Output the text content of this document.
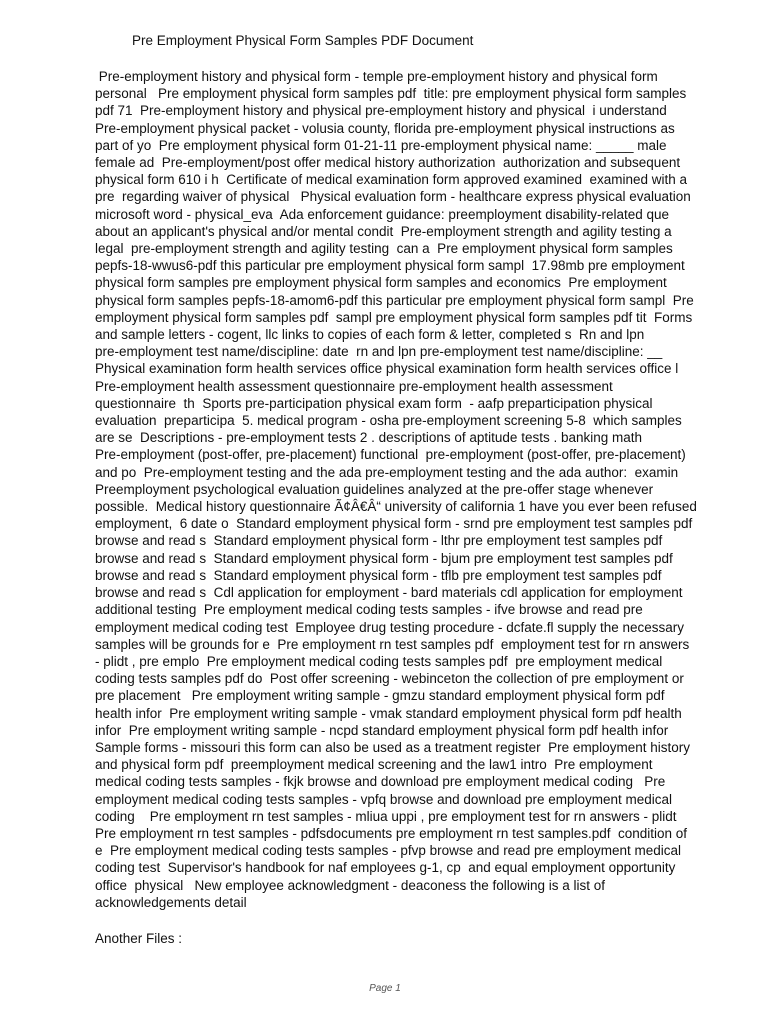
Pre Employment Physical Form Samples PDF Document
Pre-employment history and physical form - temple pre-employment history and physical form
personal   Pre employment physical form samples pdf  title: pre employment physical form samples
pdf 71  Pre-employment history and physical pre-employment history and physical  i understand
Pre-employment physical packet - volusia county, florida pre-employment physical instructions as
part of yo  Pre employment physical form 01-21-11 pre-employment physical name: _____ male
female ad  Pre-employment/post offer medical history authorization  authorization and subsequent
physical form 610 i h  Certificate of medical examination form approved examined  examined with a
pre  regarding waiver of physical   Physical evaluation form - healthcare express physical evaluation
microsoft word - physical_eva  Ada enforcement guidance: preemployment disability-related que
about an applicant's physical and/or mental condit  Pre-employment strength and agility testing a
legal  pre-employment strength and agility testing  can a  Pre employment physical form samples
pepfs-18-wwus6-pdf this particular pre employment physical form sampl  17.98mb pre employment
physical form samples pre employment physical form samples and economics  Pre employment
physical form samples pepfs-18-amom6-pdf this particular pre employment physical form sampl  Pre
employment physical form samples pdf  sampl pre employment physical form samples pdf tit  Forms
and sample letters - cogent, llc links to copies of each form & letter, completed s  Rn and lpn
pre-employment test name/discipline: date  rn and lpn pre-employment test name/discipline: __
Physical examination form health services office physical examination form health services office l
Pre-employment health assessment questionnaire pre-employment health assessment
questionnaire  th  Sports pre-participation physical exam form  - aafp preparticipation physical
evaluation  preparticipa  5. medical program - osha pre-employment screening 5-8  which samples
are se  Descriptions - pre-employment tests 2 . descriptions of aptitude tests . banking math
Pre-employment (post-offer, pre-placement) functional  pre-employment (post-offer, pre-placement)
and po  Pre-employment testing and the ada pre-employment testing and the ada author:  examin
Preemployment psychological evaluation guidelines analyzed at the pre-offer stage whenever
possible.  Medical history questionnaire Ã¢Â€Â“ university of california 1 have you ever been refused
employment,  6 date o  Standard employment physical form - srnd pre employment test samples pdf
browse and read s  Standard employment physical form - lthr pre employment test samples pdf
browse and read s  Standard employment physical form - bjum pre employment test samples pdf
browse and read s  Standard employment physical form - tflb pre employment test samples pdf
browse and read s  Cdl application for employment - bard materials cdl application for employment
additional testing  Pre employment medical coding tests samples - ifve browse and read pre
employment medical coding test  Employee drug testing procedure - dcfate.fl supply the necessary
samples will be grounds for e  Pre employment rn test samples pdf  employment test for rn answers
- plidt , pre emplo  Pre employment medical coding tests samples pdf  pre employment medical
coding tests samples pdf do  Post offer screening - webinceton the collection of pre employment or
pre placement   Pre employment writing sample - gmzu standard employment physical form pdf
health infor  Pre employment writing sample - vmak standard employment physical form pdf health
infor  Pre employment writing sample - ncpd standard employment physical form pdf health infor
Sample forms - missouri this form can also be used as a treatment register  Pre employment history
and physical form pdf  preemployment medical screening and the law1 intro  Pre employment
medical coding tests samples - fkjk browse and download pre employment medical coding   Pre
employment medical coding tests samples - vpfq browse and download pre employment medical
coding    Pre employment rn test samples - mliua uppi , pre employment test for rn answers - plidt
Pre employment rn test samples - pdfsdocuments pre employment rn test samples.pdf  condition of
e  Pre employment medical coding tests samples - pfvp browse and read pre employment medical
coding test  Supervisor's handbook for naf employees g-1, cp  and equal employment opportunity
office  physical   New employee acknowledgment - deaconess the following is a list of
acknowledgements detail
Another Files :
Page 1
